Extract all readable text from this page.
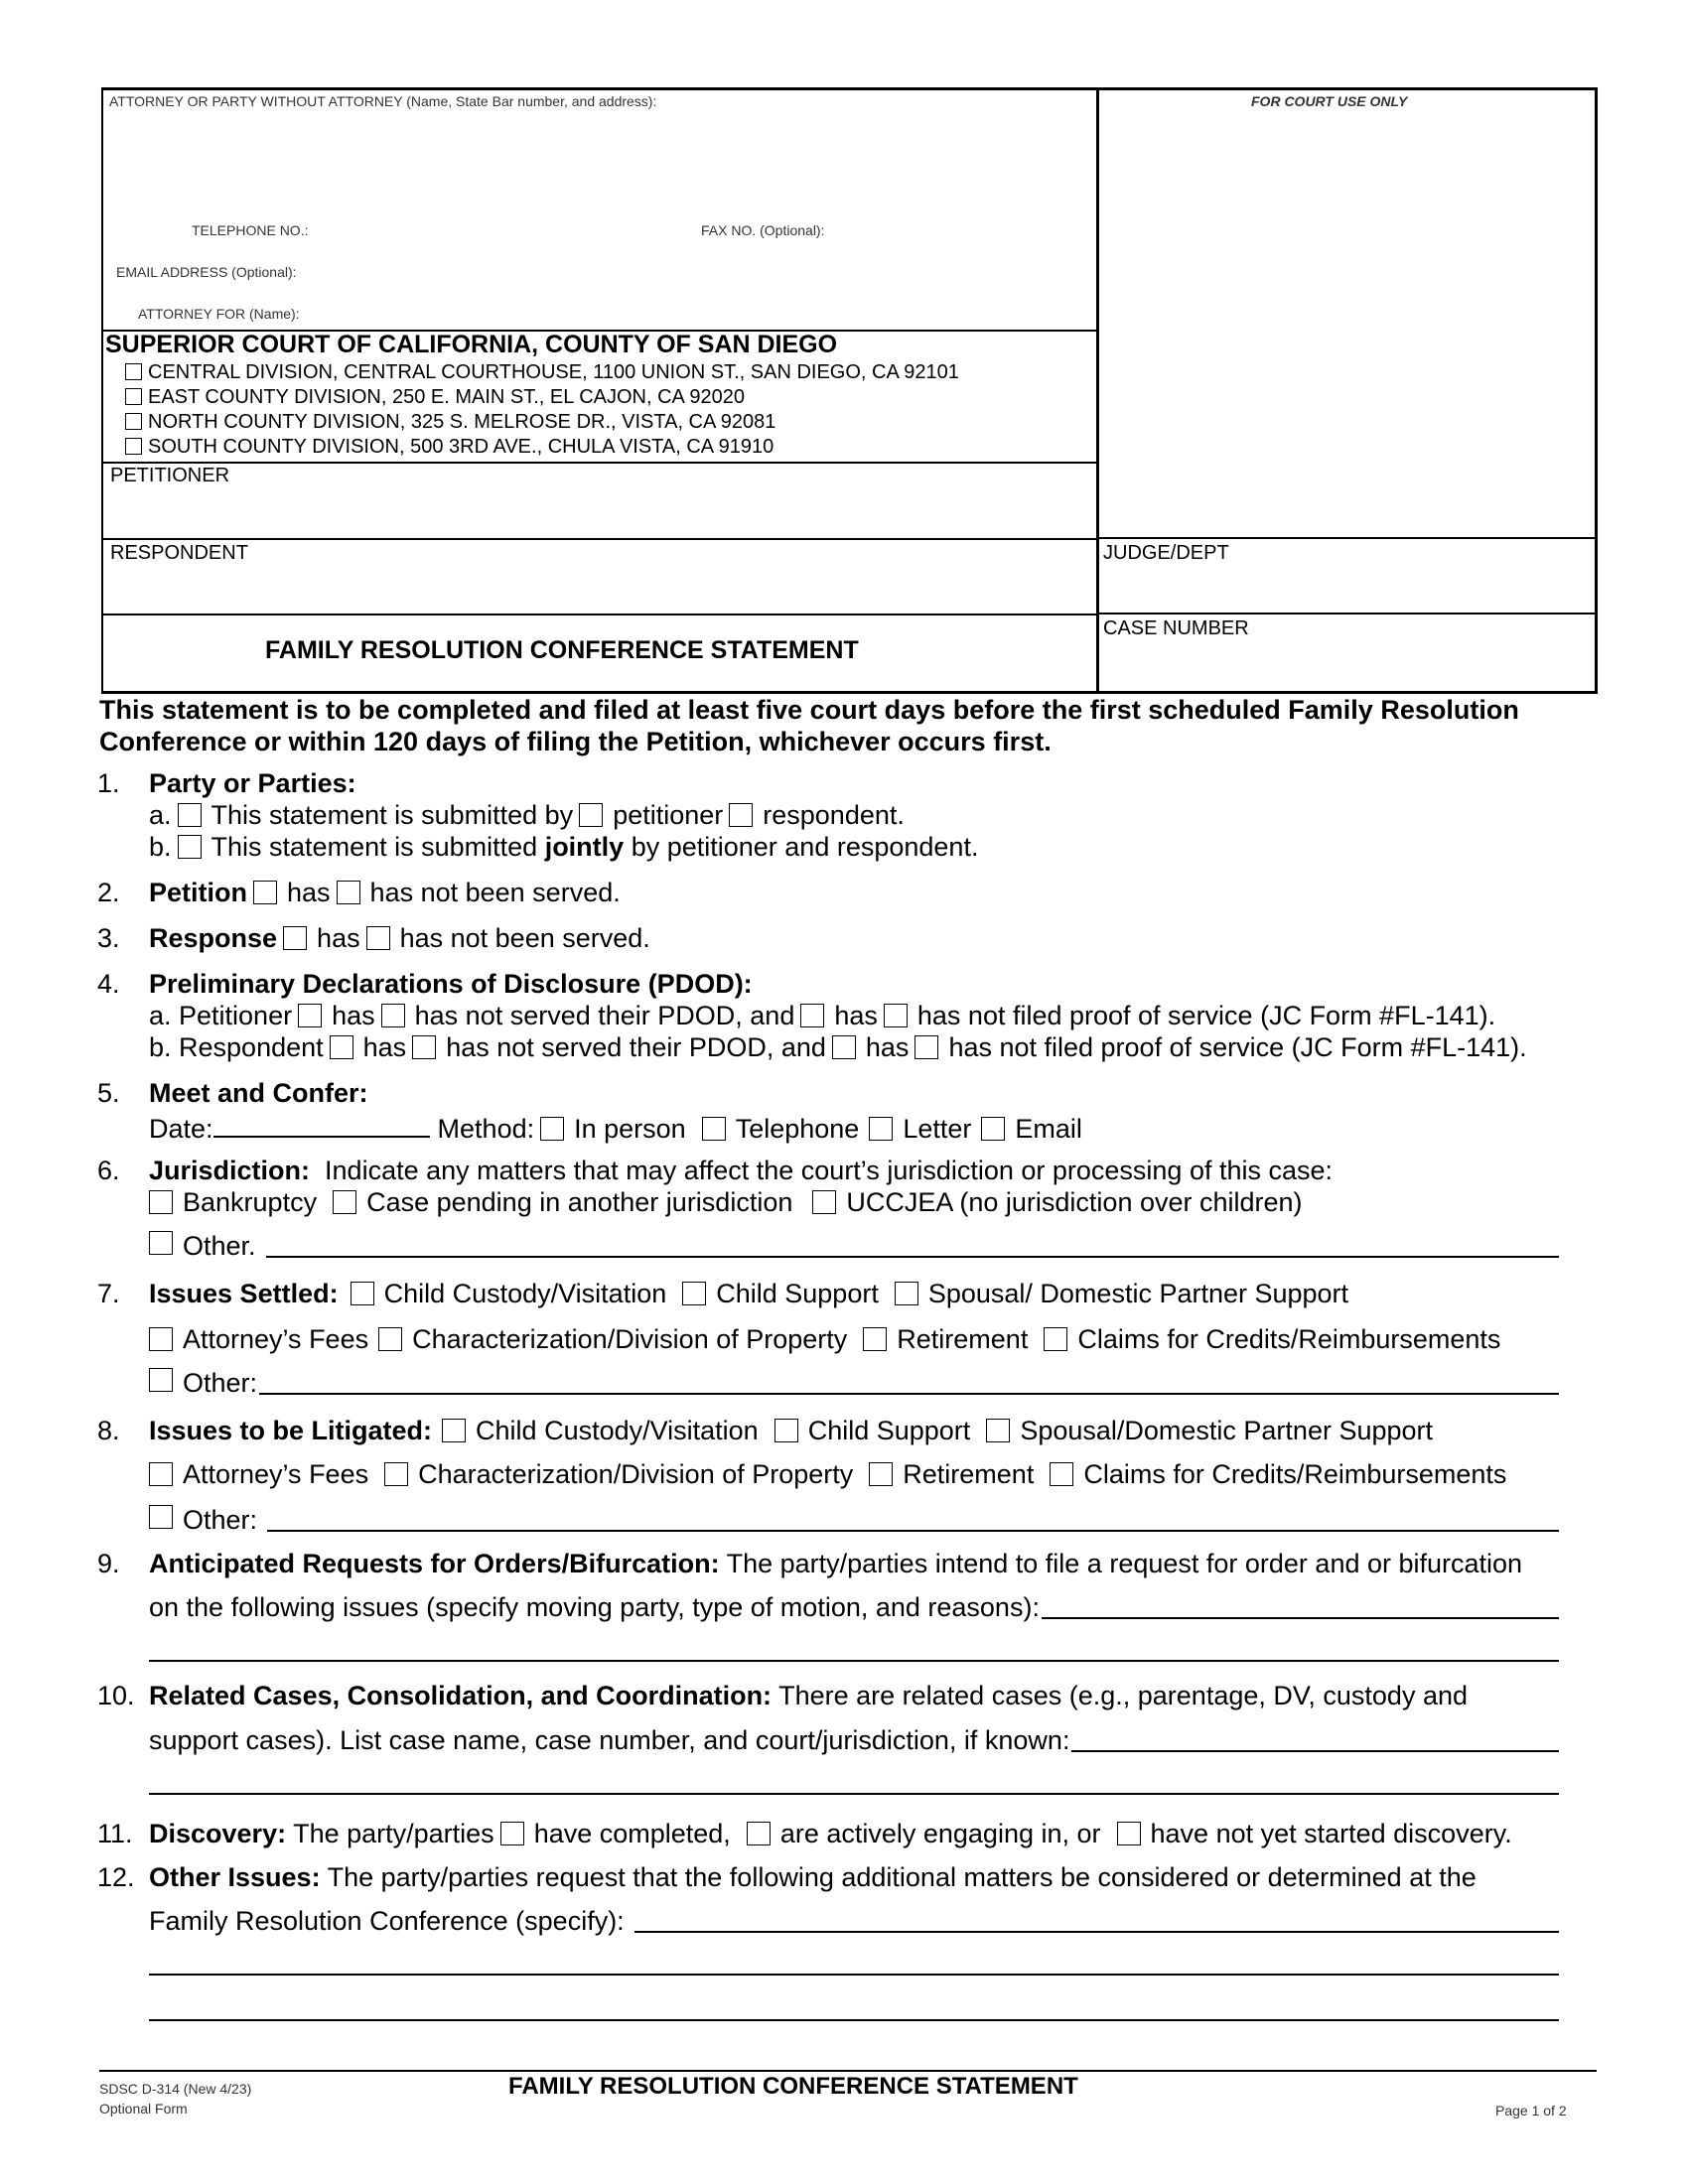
ATTORNEY OR PARTY WITHOUT ATTORNEY (Name, State Bar number, and address):	FOR COURT USE ONLY
TELEPHONE NO.:	FAX NO. (Optional):
EMAIL ADDRESS (Optional):
ATTORNEY FOR (Name):
SUPERIOR COURT OF CALIFORNIA, COUNTY OF SAN DIEGO
CENTRAL DIVISION, CENTRAL COURTHOUSE, 1100 UNION ST., SAN DIEGO, CA 92101
EAST COUNTY DIVISION, 250 E. MAIN ST., EL CAJON, CA 92020
NORTH COUNTY DIVISION, 325 S. MELROSE DR., VISTA, CA 92081
SOUTH COUNTY DIVISION, 500 3RD AVE., CHULA VISTA, CA 91910
PETITIONER
RESPONDENT	JUDGE/DEPT
CASE NUMBER
FAMILY RESOLUTION CONFERENCE STATEMENT
This statement is to be completed and filed at least five court days before the first scheduled Family Resolution
Conference or within 120 days of filing the Petition, whichever occurs first.
1. Party or Parties:
a. This statement is submitted by petitioner respondent.
b. This statement is submitted jointly by petitioner and respondent.
2. Petition has has not been served.
3. Response has has not been served.
4. Preliminary Declarations of Disclosure (PDOD):
a. Petitioner has has not served their PDOD, and has has not filed proof of service (JC Form #FL-141).
b. Respondent has has not served their PDOD, and has has not filed proof of service (JC Form #FL-141).
5. Meet and Confer:
Date:	Method: In person Telephone Letter Email
6. Jurisdiction: Indicate any matters that may affect the court’s jurisdiction or processing of this case:
Bankruptcy Case pending in another jurisdiction UCCJEA (no jurisdiction over children)
Other.
7. Issues Settled: Child Custody/Visitation Child Support Spousal/ Domestic Partner Support
Attorney’s Fees Characterization/Division of Property Retirement Claims for Credits/Reimbursements
Other:
8. Issues to be Litigated: Child Custody/Visitation Child Support Spousal/Domestic Partner Support
Attorney’s Fees Characterization/Division of Property Retirement Claims for Credits/Reimbursements
Other:
9. Anticipated Requests for Orders/Bifurcation: The party/parties intend to file a request for order and or bifurcation
on the following issues (specify moving party, type of motion, and reasons):
10. Related Cases, Consolidation, and Coordination: There are related cases (e.g., parentage, DV, custody and
support cases). List case name, case number, and court/jurisdiction, if known:
11. Discovery: The party/parties have completed, are actively engaging in, or have not yet started discovery.
12. Other Issues: The party/parties request that the following additional matters be considered or determined at the
Family Resolution Conference (specify):
SDSC D-314 (New 4/23)
Optional Form
FAMILY RESOLUTION CONFERENCE STATEMENT
Page 1 of 2
